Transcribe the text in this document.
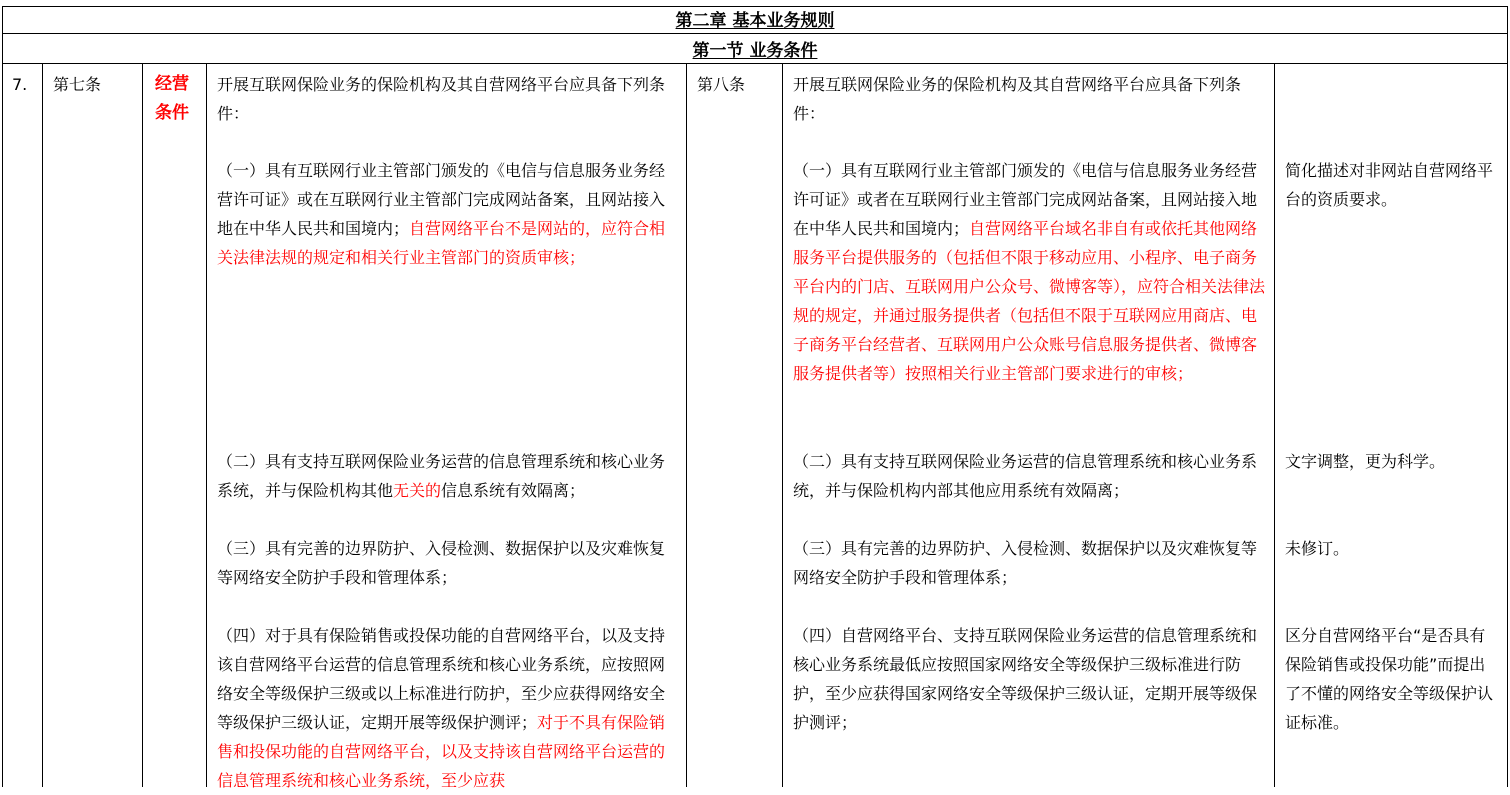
第二章 基本业务规则
第一节 业务条件
7. 第七条	经营
条件
开展互联网保险业务的保险机构及其自营网络平台应具备下列条件：
（一）具有互联网行业主管部门颁发的《电信与信息服务业务经营许可证》或在互联网行业主管部门完成网站备案，且网站接入地在中华人民共和国境内；自营网络平台不是网站的，应符合相关法律法规的规定和相关行业主管部门的资质审核；
（二）具有支持互联网保险业务运营的信息管理系统和核心业务系统，并与保险机构其他无关的信息系统有效隔离；
（三）具有完善的边界防护、入侵检测、数据保护以及灾难恢复等网络安全防护手段和管理体系；
（四）对于具有保险销售或投保功能的自营网络平台，以及支持该自营网络平台运营的信息管理系统和核心业务系统，应按照网络安全等级保护三级或以上标准进行防护，至少应获得网络安全等级保护三级认证，定期开展等级保护测评；对于不具有保险销售和投保功能的自营网络平台，以及支持该自营网络平台运营的信息管理系统和核心业务系统，至少应获
第八条	开展互联网保险业务的保险机构及其自营网络平台应具备下列条件：
（一）具有互联网行业主管部门颁发的《电信与信息服务业务经营许可证》或者在互联网行业主管部门完成网站备案，且网站接入地在中华人民共和国境内；自营网络平台域名非自有或依托其他网络服务平台提供服务的（包括但不限于移动应用、小程序、电子商务平台内的门店、互联网用户公众号、微博客等），应符合相关法律法规的规定，并通过服务提供者（包括但不限于互联网应用商店、电子商务平台经营者、互联网用户公众账号信息服务提供者、微博客服务提供者等）按照相关行业主管部门要求进行的审核；
（二）具有支持互联网保险业务运营的信息管理系统和核心业务系统，并与保险机构内部其他应用系统有效隔离；
（三）具有完善的边界防护、入侵检测、数据保护以及灾难恢复等网络安全防护手段和管理体系；
（四）自营网络平台、支持互联网保险业务运营的信息管理系统和核心业务系统最低应按照国家网络安全等级保护三级标准进行防护，至少应获得国家网络安全等级保护三级认证，定期开展等级保护测评；
简化描述对非网站自营网络平台的资质要求。
文字调整，更为科学。
未修订。
区分自营网络平台“是否具有保险销售或投保功能”而提出了不懂的网络安全等级保护认证标准。
